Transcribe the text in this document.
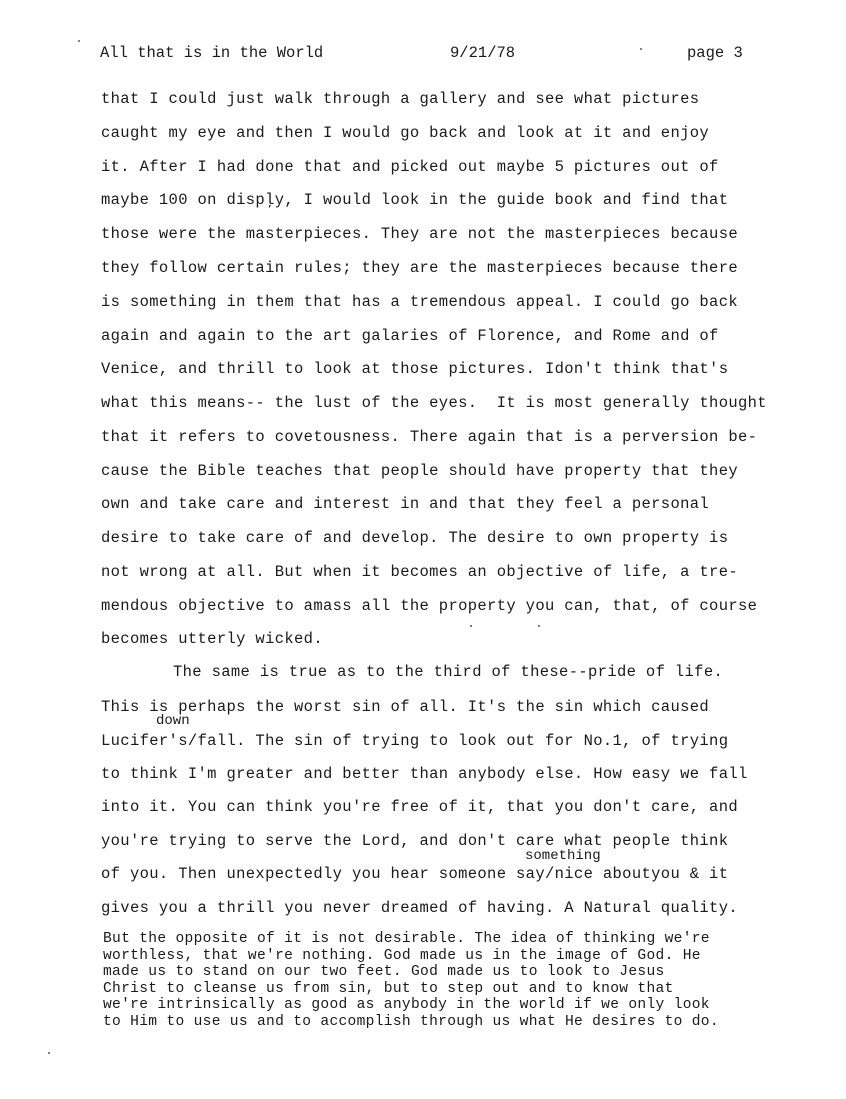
All that is in the World	9/21/78	page 3
that I could just walk through a gallery and see what pictures
caught my eye and then I would go back and look at it and enjoy
it. After I had done that and picked out maybe 5 pictures out of
maybe 100 on dispļy, I would look in the guide book and find that
those were the masterpieces. They are not the masterpieces because
they follow certain rules; they are the masterpieces because there
is something in them that has a tremendous appeal. I could go back
again and again to the art galaries of Florence, and Rome and of
Venice, and thrill to look at those pictures. Idon't think that's
what this means-- the lust of the eyes.  It is most generally thought
that it refers to covetousness. There again that is a perversion be-
cause the Bible teaches that people should have property that they
own and take care and interest in and that they feel a personal
desire to take care of and develop. The desire to own property is
not wrong at all. But when it becomes an objective of life, a tre-
mendous objective to amass all the property you can, that, of course
becomes utterly wicked.
The same is true as to the third of these--pride of life.
This is perhaps the worst sin of all. It's the sin which caused
down
Lucifer's/fall. The sin of trying to look out for No.1, of trying
to think I'm greater and better than anybody else. How easy we fall
into it. You can think you're free of it, that you don't care, and
you're trying to serve the Lord, and don't care what people think
something
of you. Then unexpectedly you hear someone say/nice aboutyou & it
gives you a thrill you never dreamed of having. A Natural quality.
But the opposite of it is not desirable. The idea of thinking we're
worthless, that we're nothing. God made us in the image of God. He
made us to stand on our two feet. God made us to look to Jesus
Christ to cleanse us from sin, but to step out and to know that
we're intrinsically as good as anybody in the world if we only look
to Him to use us and to accomplish through us what He desires to do.
